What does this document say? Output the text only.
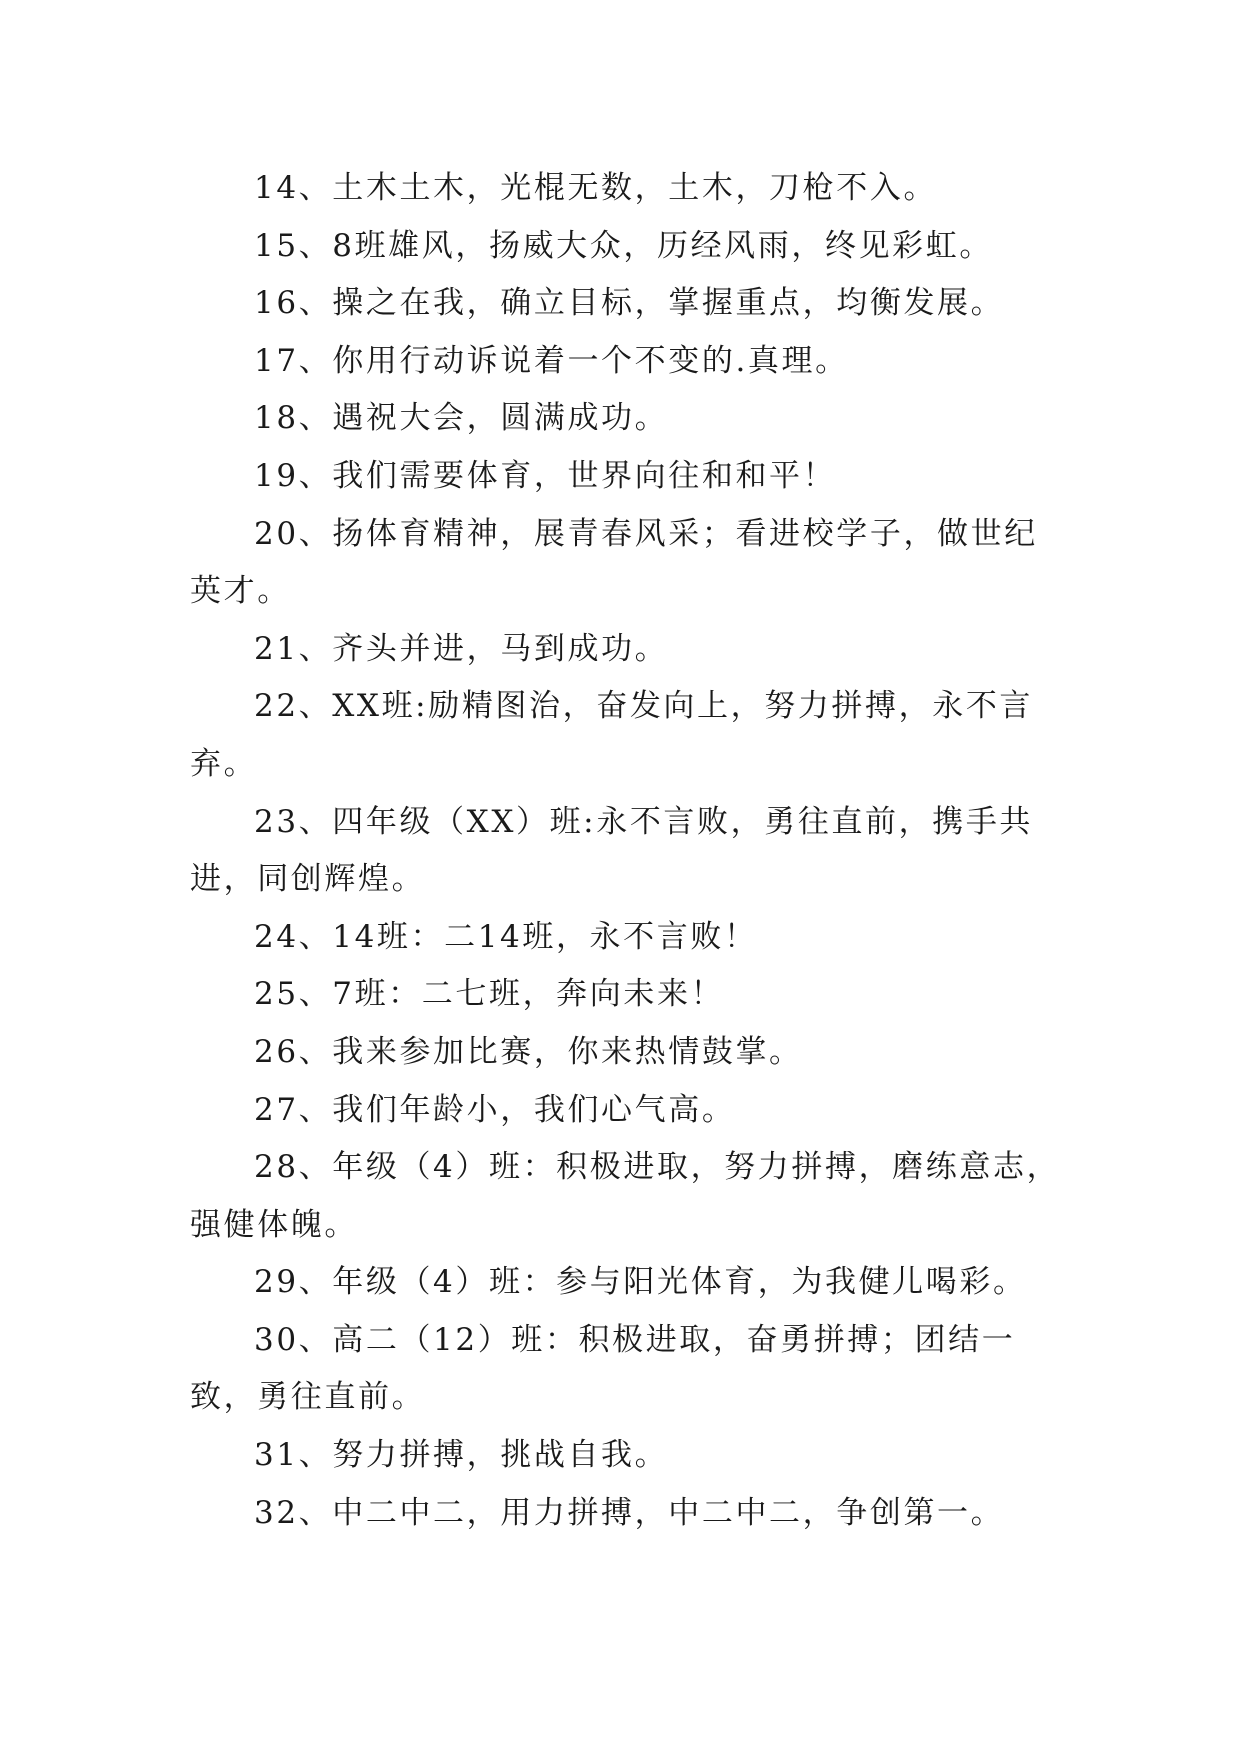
14、土木土木，光棍无数，土木，刀枪不入。

15、8班雄风，扬威大众，历经风雨，终见彩虹。

16、操之在我，确立目标，掌握重点，均衡发展。

17、你用行动诉说着一个不变的.真理。

18、遇祝大会，圆满成功。

19、我们需要体育，世界向往和和平！

20、扬体育精神，展青春风采；看进校学子，做世纪英才。

21、齐头并进，马到成功。

22、XX班:励精图治，奋发向上，努力拼搏，永不言弃。

23、四年级（XX）班:永不言败，勇往直前，携手共进，同创辉煌。

24、14班：二14班，永不言败！

25、7班：二七班，奔向未来！

26、我来参加比赛，你来热情鼓掌。

27、我们年龄小，我们心气高。

28、年级（4）班：积极进取，努力拼搏，磨练意志，强健体魄。

29、年级（4）班：参与阳光体育，为我健儿喝彩。

30、高二（12）班：积极进取，奋勇拼搏；团结一致，勇往直前。

31、努力拼搏，挑战自我。

32、中二中二，用力拼搏，中二中二，争创第一。
